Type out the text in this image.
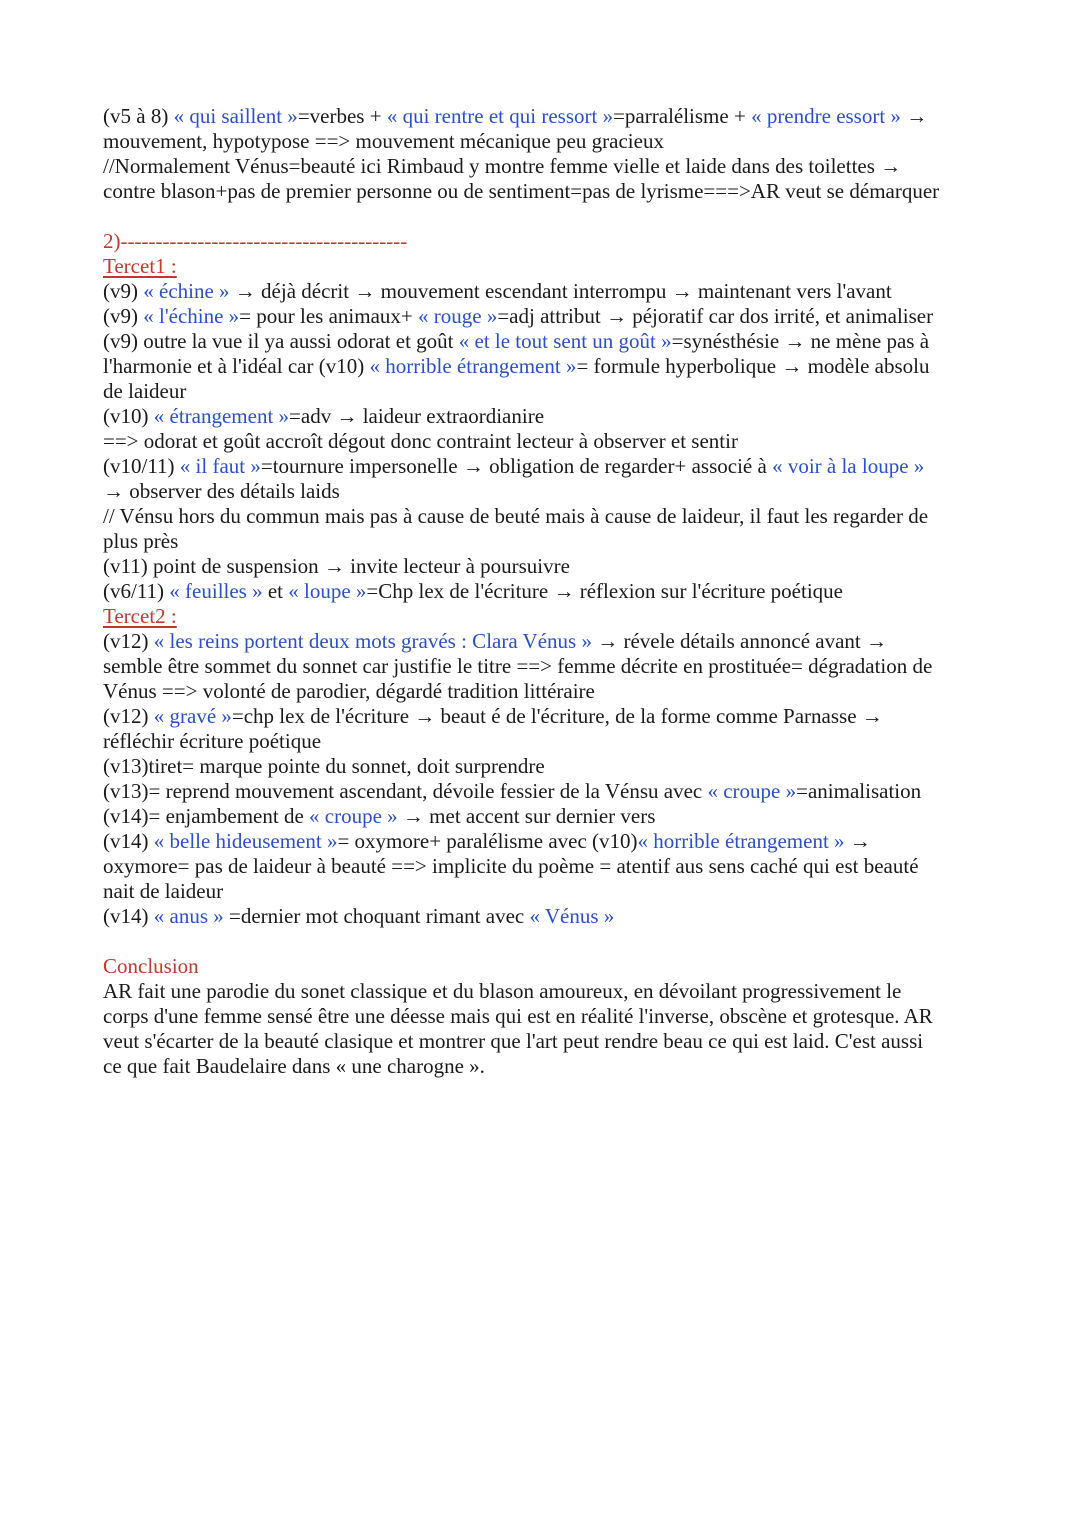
(v5 à 8) « qui saillent »=verbes + « qui rentre et qui ressort »=parralélisme + « prendre essort » →
mouvement, hypotypose ==> mouvement mécanique peu gracieux
//Normalement Vénus=beauté ici Rimbaud y montre femme vielle et laide dans des toilettes →
contre blason+pas de premier personne ou de sentiment=pas de lyrisme===>AR veut se démarquer
2)-----------------------------------------
Tercet1 :
(v9) « échine » → déjà décrit → mouvement escendant interrompu → maintenant vers l'avant
(v9) « l'échine »= pour les animaux+ « rouge »=adj attribut → péjoratif car dos irrité, et animaliser
(v9) outre la vue il ya aussi odorat et goût « et le tout sent un goût »=synésthésie → ne mène pas à
l'harmonie et à l'idéal car (v10) « horrible étrangement »= formule hyperbolique → modèle absolu
de laideur
(v10) « étrangement »=adv → laideur extraordianire
==> odorat et goût accroît dégout donc contraint lecteur à observer et sentir
(v10/11) « il faut »=tournure impersonelle → obligation de regarder+ associé à « voir à la loupe »
→ observer des détails laids
// Vénsu hors du commun mais pas à cause de beuté mais à cause de laideur, il faut les regarder de
plus près
(v11) point de suspension → invite lecteur à poursuivre
(v6/11) « feuilles » et « loupe »=Chp lex de l'écriture → réflexion sur l'écriture poétique
Tercet2 :
(v12) « les reins portent deux mots gravés : Clara Vénus » → révele détails annoncé avant →
semble être sommet du sonnet car justifie le titre ==> femme décrite en prostituée= dégradation de
Vénus ==> volonté de parodier, dégardé tradition littéraire
(v12) « gravé »=chp lex de l'écriture → beaut é de l'écriture, de la forme comme Parnasse →
réfléchir écriture poétique
(v13)tiret= marque pointe du sonnet, doit surprendre
(v13)= reprend mouvement ascendant, dévoile fessier de la Vénsu avec « croupe »=animalisation
(v14)= enjambement de « croupe » → met accent sur dernier vers
(v14) « belle hideusement »= oxymore+ paralélisme avec (v10)« horrible étrangement » →
oxymore= pas de laideur à beauté ==> implicite du poème = atentif aus sens caché qui est beauté
nait de laideur
(v14) « anus » =dernier mot choquant rimant avec « Vénus »
Conclusion
AR fait une parodie du sonet classique et du blason amoureux, en dévoilant progressivement le
corps d'une femme sensé être une déesse mais qui est en réalité l'inverse, obscène et grotesque. AR
veut s'écarter de la beauté clasique et montrer que l'art peut rendre beau ce qui est laid. C'est aussi
ce que fait Baudelaire dans « une charogne ».
